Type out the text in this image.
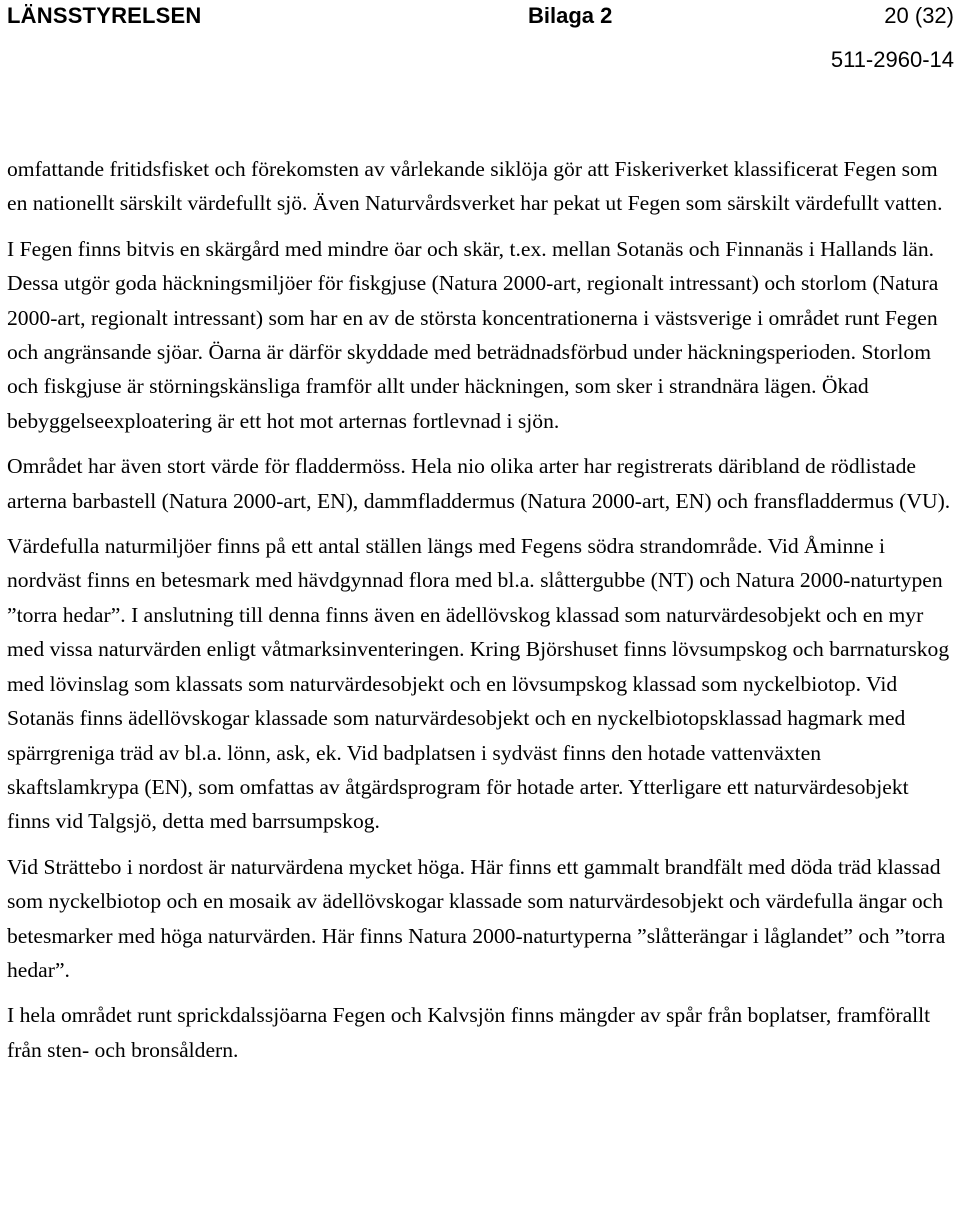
LÄNSSTYRELSEN	Bilaga 2	20 (32)
511-2960-14

omfattande fritidsfisket och förekomsten av vårlekande siklöja gör att Fiskeriverket klassificerat Fegen som en nationellt särskilt värdefullt sjö. Även Naturvårdsverket har pekat ut Fegen som särskilt värdefullt vatten.

I Fegen finns bitvis en skärgård med mindre öar och skär, t.ex. mellan Sotanäs och Finnanäs i Hallands län. Dessa utgör goda häckningsmiljöer för fiskgjuse (Natura 2000-art, regionalt intressant) och storlom (Natura 2000-art, regionalt intressant) som har en av de största koncentrationerna i västsverige i området runt Fegen och angränsande sjöar. Öarna är därför skyddade med beträdnadsförbud under häckningsperioden. Storlom och fiskgjuse är störningskänsliga framför allt under häckningen, som sker i strandnära lägen. Ökad bebyggelseexploatering är ett hot mot arternas fortlevnad i sjön.

Området har även stort värde för fladdermöss. Hela nio olika arter har registrerats däribland de rödlistade arterna barbastell (Natura 2000-art, EN), dammfladdermus (Natura 2000-art, EN) och fransfladdermus (VU).

Värdefulla naturmiljöer finns på ett antal ställen längs med Fegens södra strandområde. Vid Åminne i nordväst finns en betesmark med hävdgynnad flora med bl.a. slåttergubbe (NT) och Natura 2000-naturtypen ”torra hedar”. I anslutning till denna finns även en ädellövskog klassad som naturvärdesobjekt och en myr med vissa naturvärden enligt våtmarksinventeringen. Kring Björshuset finns lövsumpskog och barrnaturskog med lövinslag som klassats som naturvärdesobjekt och en lövsumpskog klassad som nyckelbiotop. Vid Sotanäs finns ädellövskogar klassade som naturvärdesobjekt och en nyckelbiotopsklassad hagmark med spärrgreniga träd av bl.a. lönn, ask, ek. Vid badplatsen i sydväst finns den hotade vattenväxten skaftslamkrypa (EN), som omfattas av åtgärdsprogram för hotade arter. Ytterligare ett naturvärdesobjekt finns vid Talgsjö, detta med barrsumpskog.

Vid Strättebo i nordost är naturvärdena mycket höga. Här finns ett gammalt brandfält med döda träd klassad som nyckelbiotop och en mosaik av ädellövskogar klassade som naturvärdesobjekt och värdefulla ängar och betesmarker med höga naturvärden. Här finns Natura 2000-naturtyperna ”slåtterängar i låglandet” och ”torra hedar”.

I hela området runt sprickdalssjöarna Fegen och Kalvsjön finns mängder av spår från boplatser, framförallt från sten- och bronsåldern.
